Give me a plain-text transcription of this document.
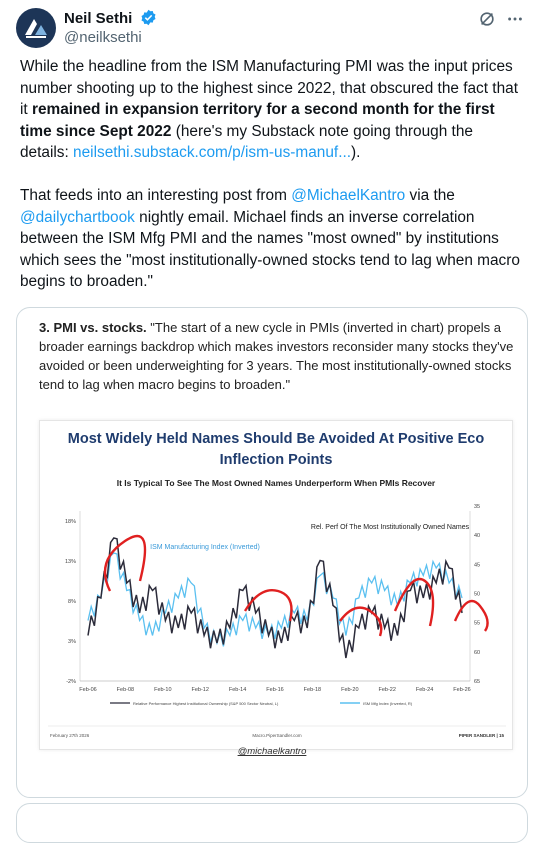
Neil Sethi
@neilksethi

While the headline from the ISM Manufacturing PMI was the input prices number shooting up to the highest since 2022, that obscured the fact that it remained in expansion territory for a second month for the first time since Sept 2022 (here's my Substack note going through the details: neilsethi.substack.com/p/ism-us-manuf...).

That feeds into an interesting post from @MichaelKantro via the @dailychartbook nightly email. Michael finds an inverse correlation between the ISM Mfg PMI and the names "most owned" by institutions which sees the "most institutionally-owned stocks tend to lag when macro begins to broaden."

3. PMI vs. stocks. "The start of a new cycle in PMIs (inverted in chart) propels a broader earnings backdrop which makes investors reconsider many stocks they've avoided or been underweighting for 3 years. The most institutionally-owned stocks tend to lag when macro begins to broaden."
Most Widely Held Names Should Be Avoided At Positive Eco Inflection Points
It Is Typical To See The Most Owned Names Underperform When PMIs Recover
18%
13%
8%
3%
-2%
35
40
45
50
55
60
65
Feb-06	Feb-08	Feb-10	Feb-12	Feb-14	Feb-16	Feb-18	Feb-20	Feb-22	Feb-24	Feb-26
ISM Manufacturing Index (Inverted)
Rel. Perf Of The Most Institutionally Owned Names
Relative Performance Highest Institutional Ownership (S&P 500 Sector Neutral, L)	ISM Mfg Index (Inverted, R)
February 27th 2026	Macro.PiperSandler.com	PIPER SANDLER | 15
@michaelkantro
